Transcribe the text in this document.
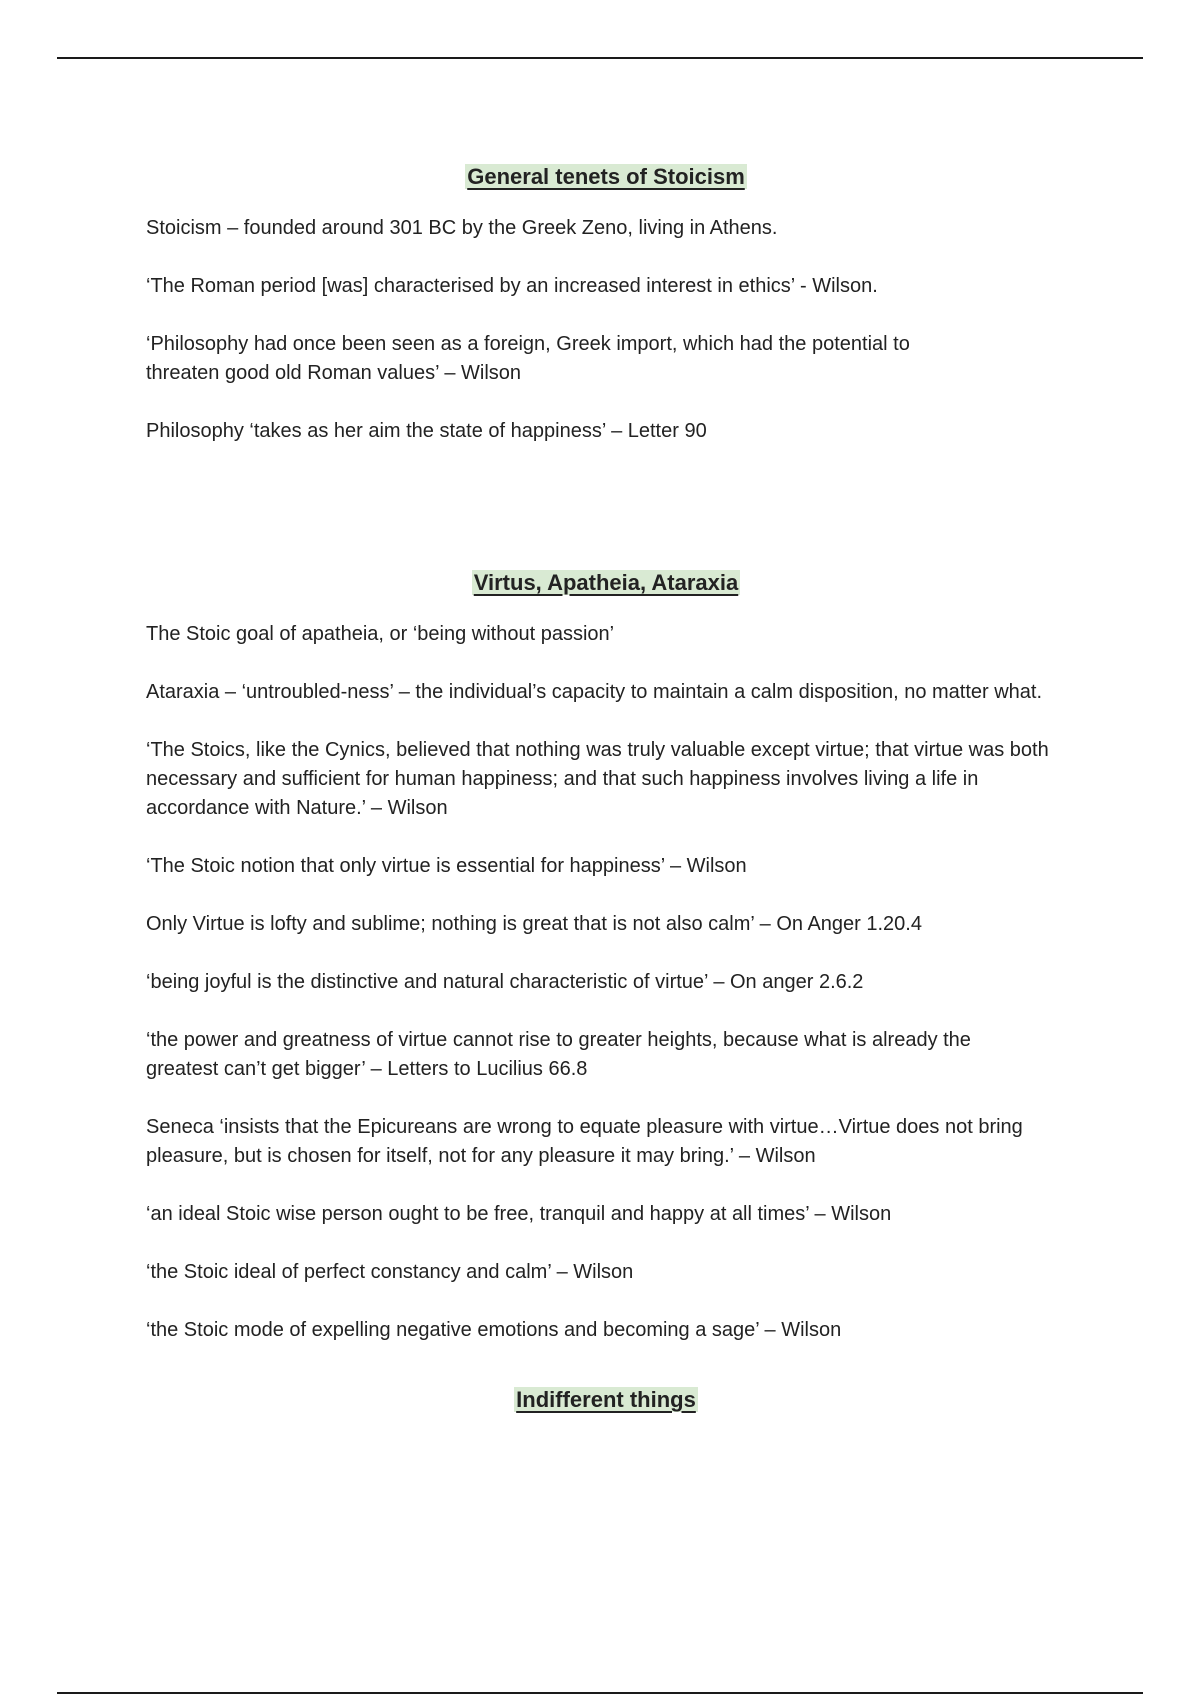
General tenets of Stoicism

Stoicism – founded around 301 BC by the Greek Zeno, living in Athens.

‘The Roman period [was] characterised by an increased interest in ethics’ - Wilson.

‘Philosophy had once been seen as a foreign, Greek import, which had the potential to threaten good old Roman values’ – Wilson

Philosophy ‘takes as her aim the state of happiness’ – Letter 90

Virtus, Apatheia, Ataraxia

The Stoic goal of apatheia, or ‘being without passion’

Ataraxia – ‘untroubled-ness’ – the individual’s capacity to maintain a calm disposition, no matter what.

‘The Stoics, like the Cynics, believed that nothing was truly valuable except virtue; that virtue was both necessary and sufficient for human happiness; and that such happiness involves living a life in accordance with Nature.’ – Wilson

‘The Stoic notion that only virtue is essential for happiness’ – Wilson

Only Virtue is lofty and sublime; nothing is great that is not also calm’ – On Anger 1.20.4

‘being joyful is the distinctive and natural characteristic of virtue’ – On anger 2.6.2

‘the power and greatness of virtue cannot rise to greater heights, because what is already the greatest can’t get bigger’ – Letters to Lucilius 66.8

Seneca ‘insists that the Epicureans are wrong to equate pleasure with virtue…Virtue does not bring pleasure, but is chosen for itself, not for any pleasure it may bring.’ – Wilson

‘an ideal Stoic wise person ought to be free, tranquil and happy at all times’ – Wilson

‘the Stoic ideal of perfect constancy and calm’ – Wilson

‘the Stoic mode of expelling negative emotions and becoming a sage’ – Wilson

Indifferent things
